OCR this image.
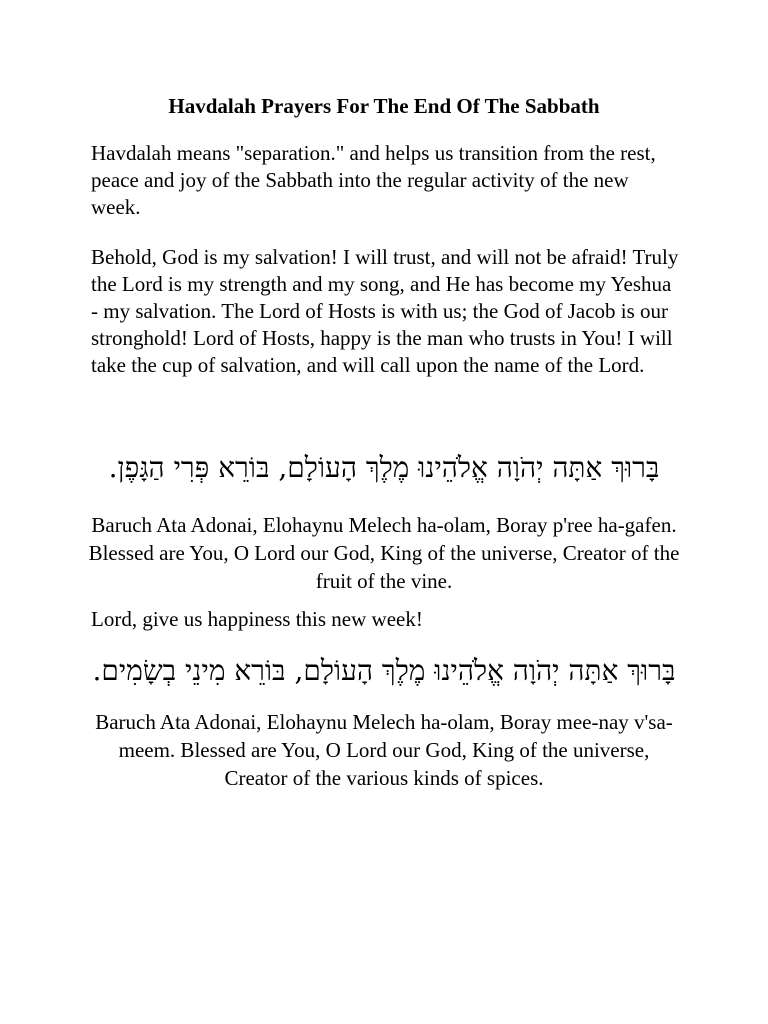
Havdalah Prayers For The End Of The Sabbath

Havdalah means "separation." and helps us transition from the rest, peace and joy of the Sabbath into the regular activity of the new week.

Behold, God is my salvation! I will trust, and will not be afraid! Truly the Lord is my strength and my song, and He has become my Yeshua - my salvation. The Lord of Hosts is with us; the God of Jacob is our stronghold! Lord of Hosts, happy is the man who trusts in You! I will take the cup of salvation, and will call upon the name of the Lord.

בָּרוּךְ אַתָּה יְהֹוָה אֱלֹהֵינוּ מֶלֶךְ הָעוֹלָם, בּוֹרֵא פְּרִי הַגָּפֶן.

Baruch Ata Adonai, Elohaynu Melech ha-olam, Boray p'ree ha-gafen. Blessed are You, O Lord our God, King of the universe, Creator of the fruit of the vine.

Lord, give us happiness this new week!

בָּרוּךְ אַתָּה יְהֹוָה אֱלֹהֵינוּ מֶלֶךְ הָעוֹלָם, בּוֹרֵא מִינֵי בְשָׂמִים.

Baruch Ata Adonai, Elohaynu Melech ha-olam, Boray mee-nay v'sa-meem. Blessed are You, O Lord our God, King of the universe, Creator of the various kinds of spices.
